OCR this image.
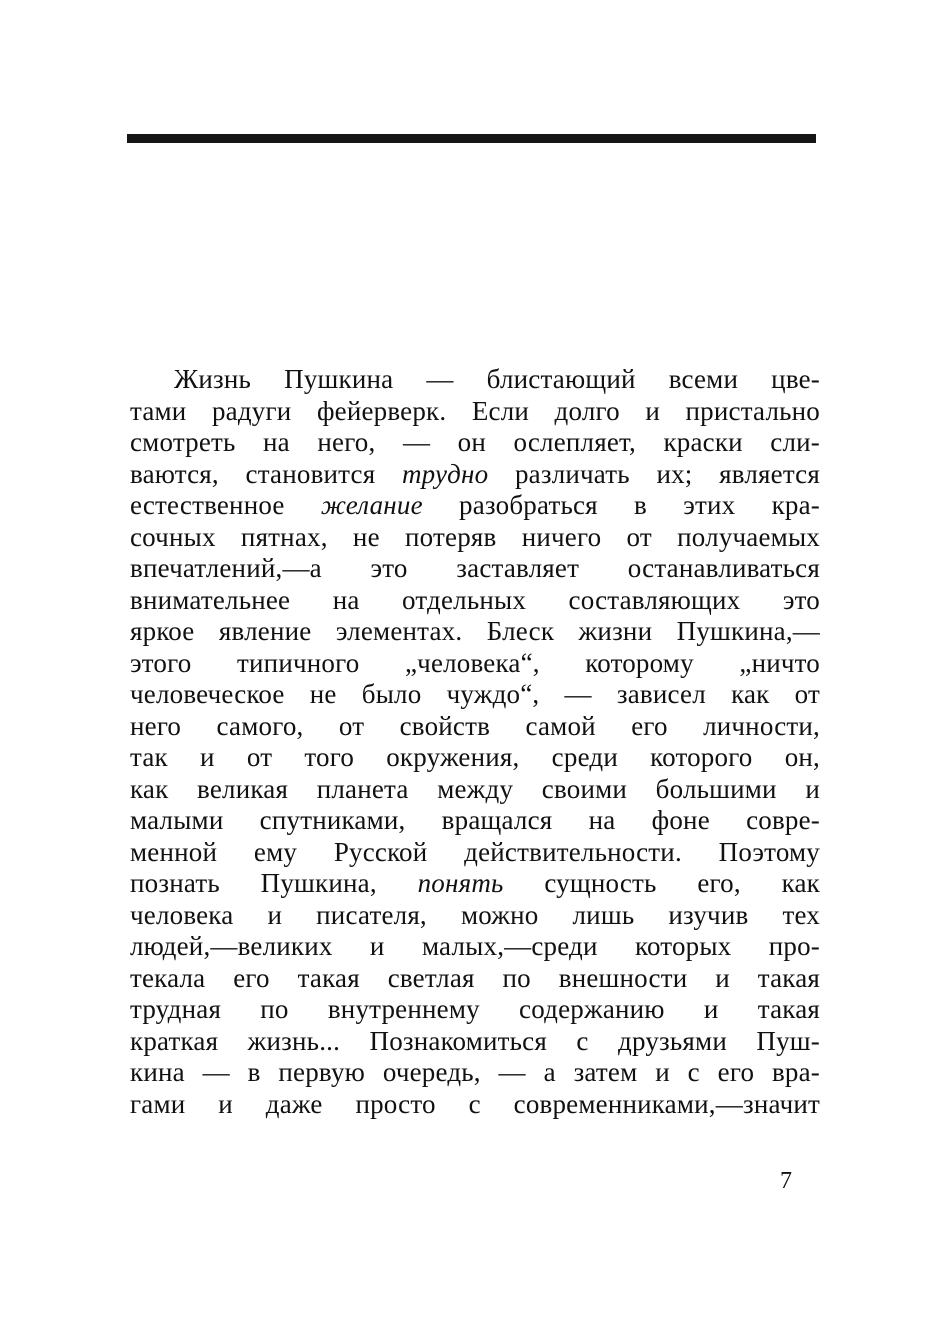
Жизнь Пушкина — блистающий всеми цве-
тами радуги фейерверк. Если долго и пристально
смотреть на него, — он ослепляет, краски сли-
ваются, становится трудно различать их; является
естественное желание разобраться в этих кра-
сочных пятнах, не потеряв ничего от получаемых
впечатлений,—а это заставляет останавливаться
внимательнее на отдельных составляющих это
яркое явление элементах. Блеск жизни Пушкина,—
этого типичного „человека“, которому „ничто
человеческое не было чуждо“, — зависел как от
него самого, от свойств самой его личности,
так и от того окружения, среди которого он,
как великая планета между своими большими и
малыми спутниками, вращался на фоне совре-
менной ему Русской действительности. Поэтому
познать Пушкина, понять сущность его, как
человека и писателя, можно лишь изучив тех
людей,—великих и малых,—среди которых про-
текала его такая светлая по внешности и такая
трудная по внутреннему содержанию и такая
краткая жизнь... Познакомиться с друзьями Пуш-
кина — в первую очередь, — а затем и с его вра-
гами и даже просто с современниками,—значит
7
